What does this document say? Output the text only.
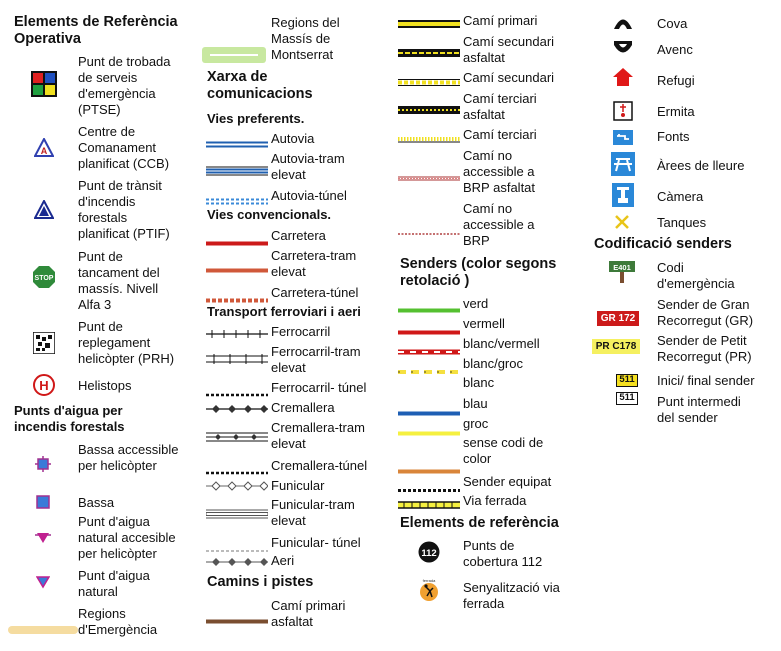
Elements de Referència
Operativa
Punt de trobada
de serveis
d'emergència
(PTSE)
A
Centre de
Comanament
planificat (CCB)
Punt de trànsit
d'incendis
forestals
planificat (PTIF)
STOP
Punt de
tancament del
massís. Nivell
Alfa 3
Punt de
replegament
helicòpter (PRH)
H Helistops
Punts d'aigua per
incendis forestals
Bassa accessible
per helicòpter
Bassa
Punt d'aigua
natural accesible
per helicòpter
Punt d'aigua
natural
Regions
d'Emergència
Regions del
Massís de
Montserrat
Xarxa de
comunicacions
Vies preferents.
Autovia
Autovia-tram
elevat
Autovia-túnel
Vies convencionals.
Carretera
Carretera-tram
elevat
Carretera-túnel
Transport ferroviari i aeri
Ferrocarril
Ferrocarril-tram
elevat
Ferrocarril- túnel
Cremallera
Cremallera-tram
elevat
Cremallera-túnel
Funicular
Funicular-tram
elevat
Funicular- túnel
Aeri
Camins i pistes
Camí primari
asfaltat
Camí primari
Camí secundari
asfaltat
Camí secundari
Camí terciari
asfaltat
Camí terciari
Camí no
accessible a
BRP asfaltat
Camí no
accessible a
BRP
Senders (color segons
retolació )
verd
vermell
blanc/vermell
blanc/groc
blanc
blau
groc
sense codi de
color
Sender equipat
Via ferrada
Elements de referència
112
Punts de
cobertura 112
ferrada Senyalització via
ferrada
Cova
Avenc
Refugi
Ermita
Fonts
Àrees de lleure
Càmera
Tanques
Codificació senders
E401 Codi
d'emergència
GR 172
Sender de Gran
Recorregut (GR)
PR C178 Sender de Petit
Recorregut (PR)
511 Inici/ final sender
511 Punt intermedi
del sender
